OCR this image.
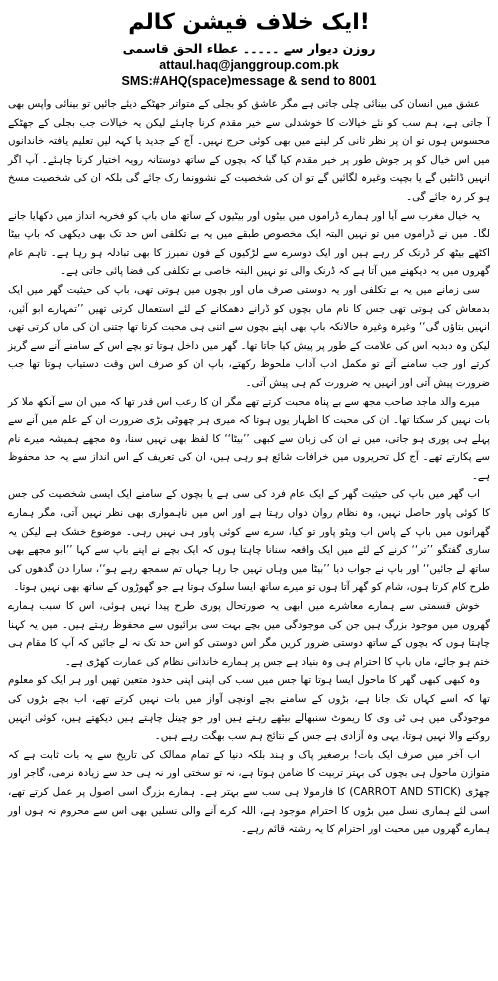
ایک خلاف فیشن کالم!
روزن دیوار سے ۔۔۔۔۔ عطاء الحق قاسمی
attaul.haq@janggroup.com.pk
SMS:#AHQ(space)message & send to 8001

عشق میں انسان کی بینائی چلی جاتی ہے مگر عاشق کو بجلی کے متواتر جھٹکے دیئے جائیں تو بینائی واپس بھی آ جاتی ہے، ہم سب کو نئے خیالات کا خوشدلی سے خیر مقدم کرنا چاہئے لیکن یہ خیالات جب بجلی کے جھٹکے محسوس ہوں تو ان پر نظر ثانی کر لینے میں بھی کوئی حرج نہیں۔ آج کے جدید یا کہہ لیں تعلیم یافتہ خاندانوں میں اس خیال کو پر جوش طور پر خیر مقدم کیا گیا کہ بچوں کے ساتھ دوستانہ رویہ اختیار کرنا چاہئے۔ آپ اگر انہیں ڈانٹیں گے یا بچپت وغیرہ لگائیں گے تو ان کی شخصیت کے نشوونما رک جائے گی بلکہ ان کی شخصیت مسخ ہو کر رہ جائے گی۔

یہ خیال مغرب سے آیا اور ہمارے ڈراموں میں بیٹوں اور بیٹیوں کے ساتھ ماں باپ کو فخریہ انداز میں دکھایا جانے لگا۔ میں نے ڈراموں میں تو نہیں البتہ ایک مخصوص طبقے میں یہ بے تکلفی اس حد تک بھی دیکھی کہ باپ بیٹا اکٹھے بیٹھ کر ڈرنک کر رہے ہیں اور ایک دوسرے سے لڑکیوں کے فون نمبرز کا بھی تبادلہ ہو رہا ہے۔ تاہم عام گھروں میں یہ دیکھنے میں آتا ہے کہ ڈرنک والی تو نہیں البتہ خاصی بے تکلفی کی فضا پائی جاتی ہے۔

سی زمانے میں یہ بے تکلفی اور یہ دوستی صرف ماں اور بچوں میں ہوتی تھی، باپ کی حیثیت گھر میں ایک بدمعاش کی ہوتی تھی جس کا نام ماں بچوں کو ڈرانے دھمکانے کے لئے استعمال کرتی تھیں ’’تمہارے ابو آئیں، انہیں بتاؤں گی‘‘ وغیرہ وغیرہ حالانکہ باپ بھی اپنے بچوں سے اتنی ہی محبت کرتا تھا جتنی ان کی ماں کرتی تھی لیکن وہ دبدبہ اس کی علامت کے طور پر پیش کیا جاتا تھا۔ گھر میں داخل ہوتا تو بچے اس کے سامنے آنے سے گریز کرتے اور جب سامنے آتے تو مکمل ادب آداب ملحوظ رکھتے، باپ ان کو صرف اس وقت دستیاب ہوتا تھا جب ضرورت پیش آتی اور انہیں یہ ضرورت کم ہی پیش آتی۔

میرے والد ماجد صاحب مجھ سے بے پناہ محبت کرتے تھے مگر ان کا رعب اس قدر تھا کہ میں ان سے آنکھ ملا کر بات نہیں کر سکتا تھا۔ ان کی محبت کا اظہار یوں ہوتا کہ میری ہر چھوٹی بڑی ضرورت ان کے علم میں آنے سے پہلے ہی پوری ہو جاتی، میں نے ان کی زبان سے کبھی ’’بیٹا‘‘ کا لفظ بھی نہیں سنا، وہ مجھے ہمیشہ میرے نام سے پکارتے تھے۔ آج کل تحریروں میں خرافات شائع ہو رہی ہیں، ان کی تعریف کے اس انداز سے یہ حد محفوظ ہے۔

اب گھر میں باپ کی حیثیت گھر کے ایک عام فرد کی سی ہے یا بچوں کے سامنے ایک ایسی شخصیت کی جس کا کوئی پاور حاصل نہیں، وہ نظام روان دواں رہتا ہے اور اس میں ناہمواری بھی نظر نہیں آتی، مگر ہمارے گھرانوں میں باپ کے پاس اب ویٹو پاور تو کیا، سرے سے کوئی پاور ہی نہیں رہی۔ موضوع خشک ہے لیکن یہ ساری گفتگو ’’تر‘‘ کرنے کے لئے میں ایک واقعہ سنانا چاہتا ہوں کہ ایک بچے نے اپنے باپ سے کہا ’’ابو مجھے بھی ساتھ لے جائیں‘‘ اور باپ نے جواب دیا ’’بیٹا میں وہاں نہیں جا رہا جہاں تم سمجھ رہے ہو‘‘، سارا دن گدھوں کی طرح کام کرتا ہوں، شام کو گھر آتا ہوں تو میرے ساتھ ایسا سلوک ہوتا ہے جو گھوڑوں کے ساتھ بھی نہیں ہوتا۔

خوش قسمتی سے ہمارے معاشرے میں ابھی یہ صورتحال پوری طرح پیدا نہیں ہوئی، اس کا سبب ہمارے گھروں میں موجود بزرگ ہیں جن کی موجودگی میں بچے بہت سی برائیوں سے محفوظ رہتے ہیں۔ میں یہ کہنا چاہتا ہوں کہ بچوں کے ساتھ دوستی ضرور کریں مگر اس دوستی کو اس حد تک نہ لے جائیں کہ آپ کا مقام ہی ختم ہو جائے، ماں باپ کا احترام ہی وہ بنیاد ہے جس پر ہمارے خاندانی نظام کی عمارت کھڑی ہے۔

وہ کبھی کبھی گھر کا ماحول ایسا ہوتا تھا جس میں سب کی اپنی اپنی حدود متعین تھیں اور ہر ایک کو معلوم تھا کہ اسے کہاں تک جانا ہے، بڑوں کے سامنے بچے اونچی آواز میں بات نہیں کرتے تھے، اب بچے بڑوں کی موجودگی میں ہی ٹی وی کا ریموٹ سنبھالے بیٹھے رہتے ہیں اور جو چینل چاہتے ہیں دیکھتے ہیں، کوئی انہیں روکنے والا نہیں ہوتا، یہی وہ آزادی ہے جس کے نتائج ہم سب بھگت رہے ہیں۔

اب آخر میں صرف ایک بات! برصغیر پاک و ہند بلکہ دنیا کے تمام ممالک کی تاریخ سے یہ بات ثابت ہے کہ متوازن ماحول ہی بچوں کی بہتر تربیت کا ضامن ہوتا ہے، نہ تو سختی اور نہ ہی حد سے زیادہ نرمی، گاجر اور چھڑی (CARROT AND STICK) کا فارمولا ہی سب سے بہتر ہے۔ ہمارے بزرگ اسی اصول پر عمل کرتے تھے، اسی لئے ہماری نسل میں بڑوں کا احترام موجود ہے، اللہ کرے آنے والی نسلیں بھی اس سے محروم نہ ہوں اور ہمارے گھروں میں محبت اور احترام کا یہ رشتہ قائم رہے۔
